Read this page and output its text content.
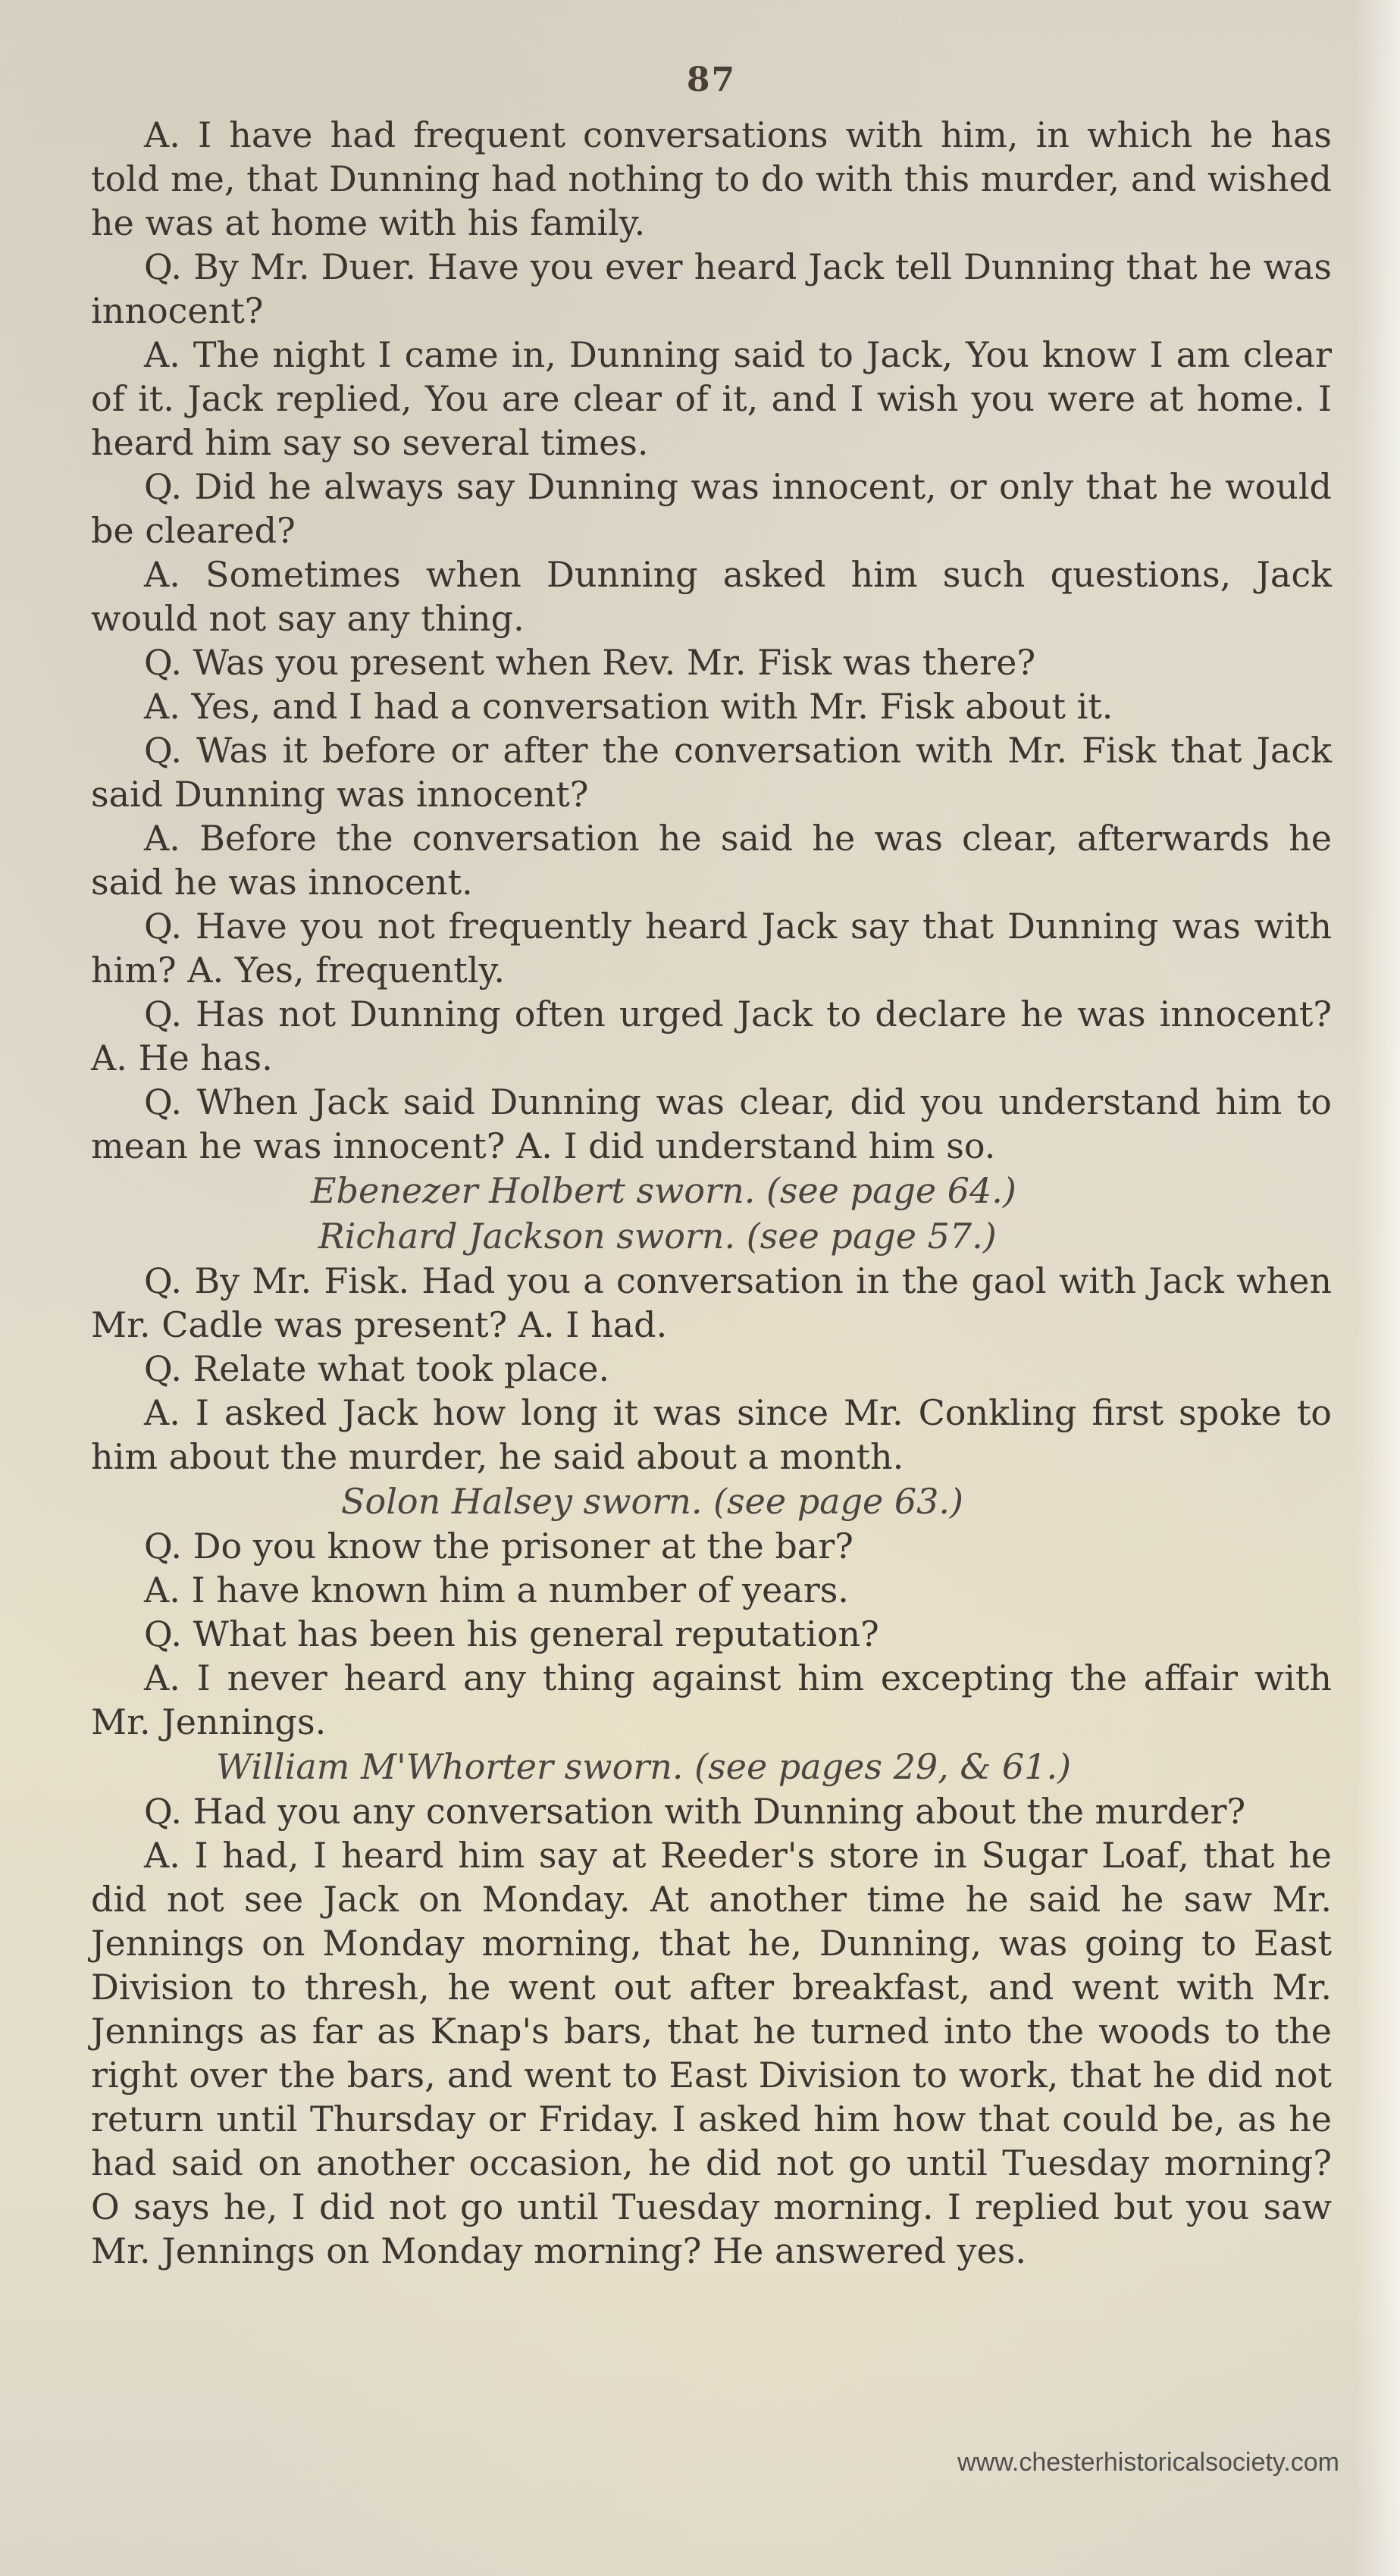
87

A. I have had frequent conversations with him, in which he has told me, that Dunning had nothing to do with this murder, and wished he was at home with his family.

Q. By Mr. Duer. Have you ever heard Jack tell Dunning that he was innocent?

A. The night I came in, Dunning said to Jack, You know I am clear of it. Jack replied, You are clear of it, and I wish you were at home. I heard him say so several times.

Q. Did he always say Dunning was innocent, or only that he would be cleared?

A. Sometimes when Dunning asked him such questions, Jack would not say any thing.

Q. Was you present when Rev. Mr. Fisk was there?

A. Yes, and I had a conversation with Mr. Fisk about it.

Q. Was it before or after the conversation with Mr. Fisk that Jack said Dunning was innocent?

A. Before the conversation he said he was clear, afterwards he said he was innocent.

Q. Have you not frequently heard Jack say that Dunning was with him? A. Yes, frequently.

Q. Has not Dunning often urged Jack to declare he was innocent? A. He has.

Q. When Jack said Dunning was clear, did you understand him to mean he was innocent? A. I did understand him so.

Ebenezer Holbert sworn. (see page 64.)

Richard Jackson sworn. (see page 57.)

Q. By Mr. Fisk. Had you a conversation in the gaol with Jack when Mr. Cadle was present? A. I had.

Q. Relate what took place.

A. I asked Jack how long it was since Mr. Conkling first spoke to him about the murder, he said about a month.

Solon Halsey sworn. (see page 63.)

Q. Do you know the prisoner at the bar?

A. I have known him a number of years.

Q. What has been his general reputation?

A. I never heard any thing against him excepting the affair with Mr. Jennings.

William M'Whorter sworn. (see pages 29, & 61.)

Q. Had you any conversation with Dunning about the murder?

A. I had, I heard him say at Reeder's store in Sugar Loaf, that he did not see Jack on Monday. At another time he said he saw Mr. Jennings on Monday morning, that he, Dunning, was going to East Division to thresh, he went out after breakfast, and went with Mr. Jennings as far as Knap's bars, that he turned into the woods to the right over the bars, and went to East Division to work, that he did not return until Thursday or Friday. I asked him how that could be, as he had said on another occasion, he did not go until Tuesday morning? O says he, I did not go until Tuesday morning. I replied but you saw Mr. Jennings on Monday morning? He answered yes.

www.chesterhistoricalsociety.com
